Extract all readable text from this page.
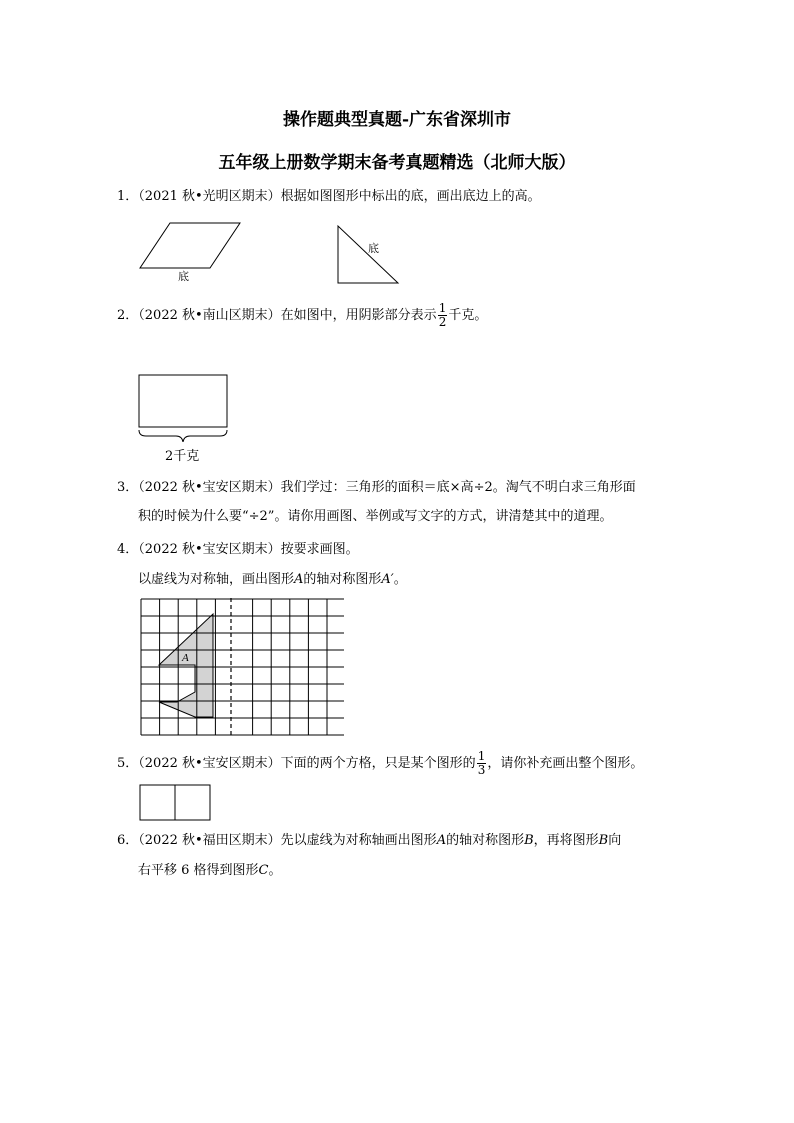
操作题典型真题-广东省深圳市
五年级上册数学期末备考真题精选（北师大版）
1．（2021 秋•光明区期末）根据如图图形中标出的底，画出底边上的高。
底
底
2．（2022 秋•南山区期末）在如图中，用阴影部分表示 $\frac{1}{2}$ 千克。
2千克
3．（2022 秋•宝安区期末）我们学过：三角形的面积＝底×高÷2。淘气不明白求三角形面
积的时候为什么要“÷2”。请你用画图、举例或写文字的方式，讲清楚其中的道理。
4．（2022 秋•宝安区期末）按要求画图。
以虚线为对称轴，画出图形A的轴对称图形A′。
A
5．（2022 秋•宝安区期末）下面的两个方格，只是某个图形的 $\frac{1}{3}$ ，请你补充画出整个图形。
6．（2022 秋•福田区期末）先以虚线为对称轴画出图形A的轴对称图形B，再将图形B向
右平移 6 格得到图形C。
